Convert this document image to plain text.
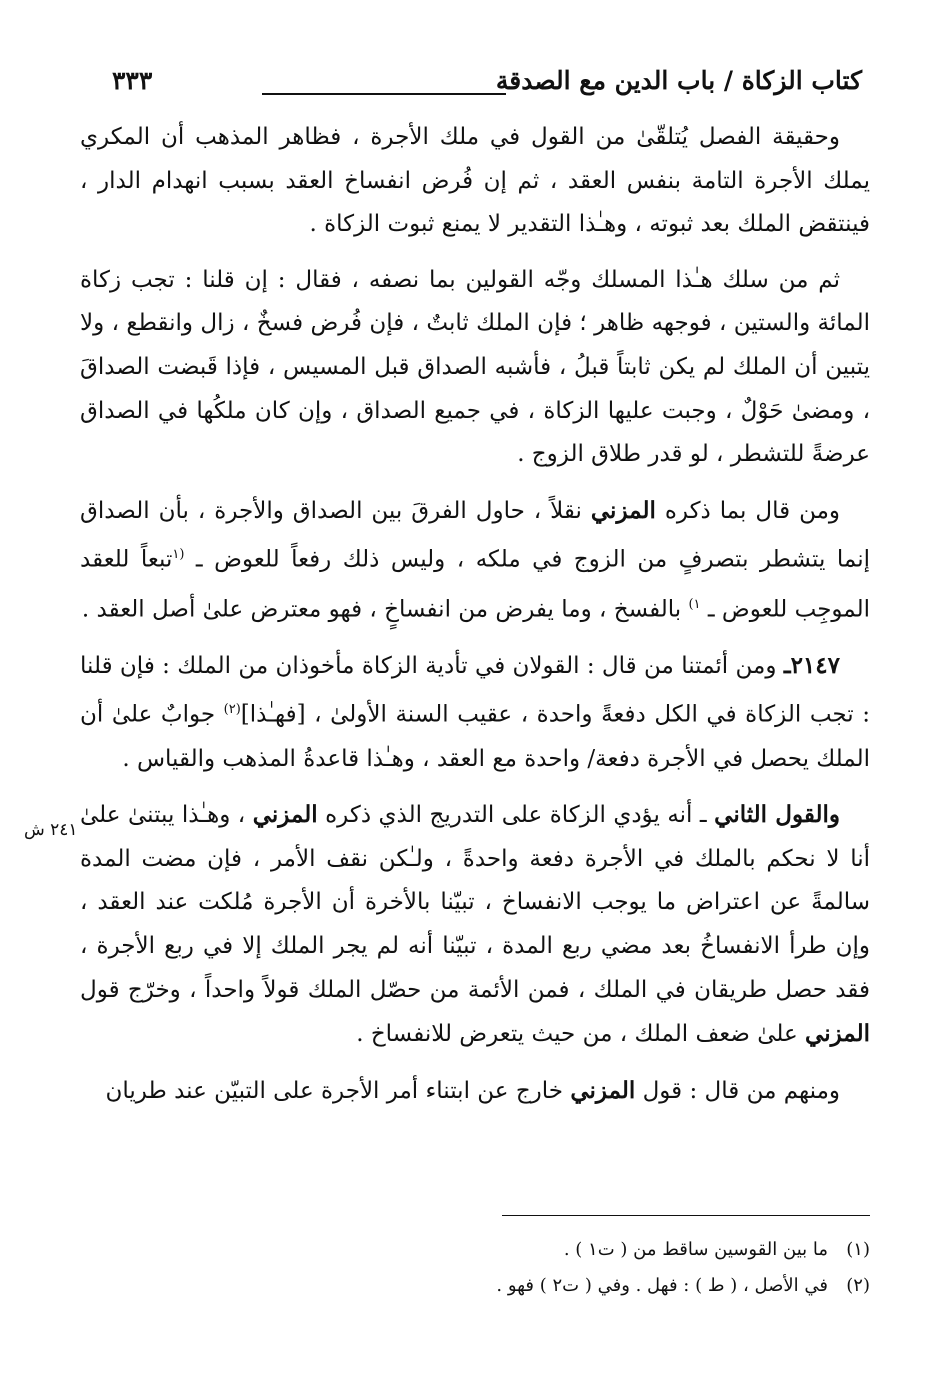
كتاب الزكاة / باب الدين مع الصدقة
٣٣٣
٢٤١ ش

وحقيقة الفصل يُتلقّىٰ من القول في ملك الأجرة ، فظاهر المذهب أن المكري يملك الأجرة التامة بنفس العقد ، ثم إن فُرض انفساخ العقد بسبب انهدام الدار ، فينتقض الملك بعد ثبوته ، وهـٰذا التقدير لا يمنع ثبوت الزكاة .

ثم من سلك هـٰذا المسلك وجّه القولين بما نصفه ، فقال : إن قلنا : تجب زكاة المائة والستين ، فوجهه ظاهر ؛ فإن الملك ثابتٌ ، فإن فُرض فسخٌ ، زال وانقطع ، ولا يتبين أن الملك لم يكن ثابتاً قبلُ ، فأشبه الصداق قبل المسيس ، فإذا قَبضت الصداقَ ، ومضىٰ حَوْلٌ ، وجبت عليها الزكاة ، في جميع الصداق ، وإن كان ملكُها في الصداق عرضةً للتشطر ، لو قدر طلاق الزوج .

ومن قال بما ذكره المزني نقلاً ، حاول الفرقَ بين الصداق والأجرة ، بأن الصداق إنما يتشطر بتصرفٍ من الزوج في ملكه ، وليس ذلك رفعاً للعوض ـ $^{(١}$تبعاً للعقد الموجِب للعوض ـ $^{١)}$ بالفسخ ، وما يفرض من انفساخٍ ، فهو معترض علىٰ أصل العقد .

٢١٤٧ـ ومن أئمتنا من قال : القولان في تأدية الزكاة مأخوذان من الملك : فإن قلنا : تجب الزكاة في الكل دفعةً واحدة ، عقيب السنة الأولىٰ ، [فهـٰذا]$^{(٢)}$ جوابٌ علىٰ أن الملك يحصل في الأجرة دفعة/ واحدة مع العقد ، وهـٰذا قاعدةُ المذهب والقياس .

والقول الثاني ـ أنه يؤدي الزكاة على التدريج الذي ذكره المزني ، وهـٰذا يبتنىٰ علىٰ أنا لا نحكم بالملك في الأجرة دفعة واحدةً ، ولـٰكن نقف الأمر ، فإن مضت المدة سالمةً عن اعتراض ما يوجب الانفساخ ، تبيّنا بالأخرة أن الأجرة مُلكت عند العقد ، وإن طرأ الانفساخُ بعد مضي ربع المدة ، تبيّنا أنه لم يجر الملك إلا في ربع الأجرة ، فقد حصل طريقان في الملك ، فمن الأئمة من حصّل الملك قولاً واحداً ، وخرّج قول المزني علىٰ ضعف الملك ، من حيث يتعرض للانفساخ .

ومنهم من قال : قول المزني خارج عن ابتناء أمر الأجرة على التبيّن عند طريان

(١)ما بين القوسين ساقط من ( ت١ ) .

(٢)في الأصل ، ( ط ) : فهل . وفي ( ت٢ ) فهو .
